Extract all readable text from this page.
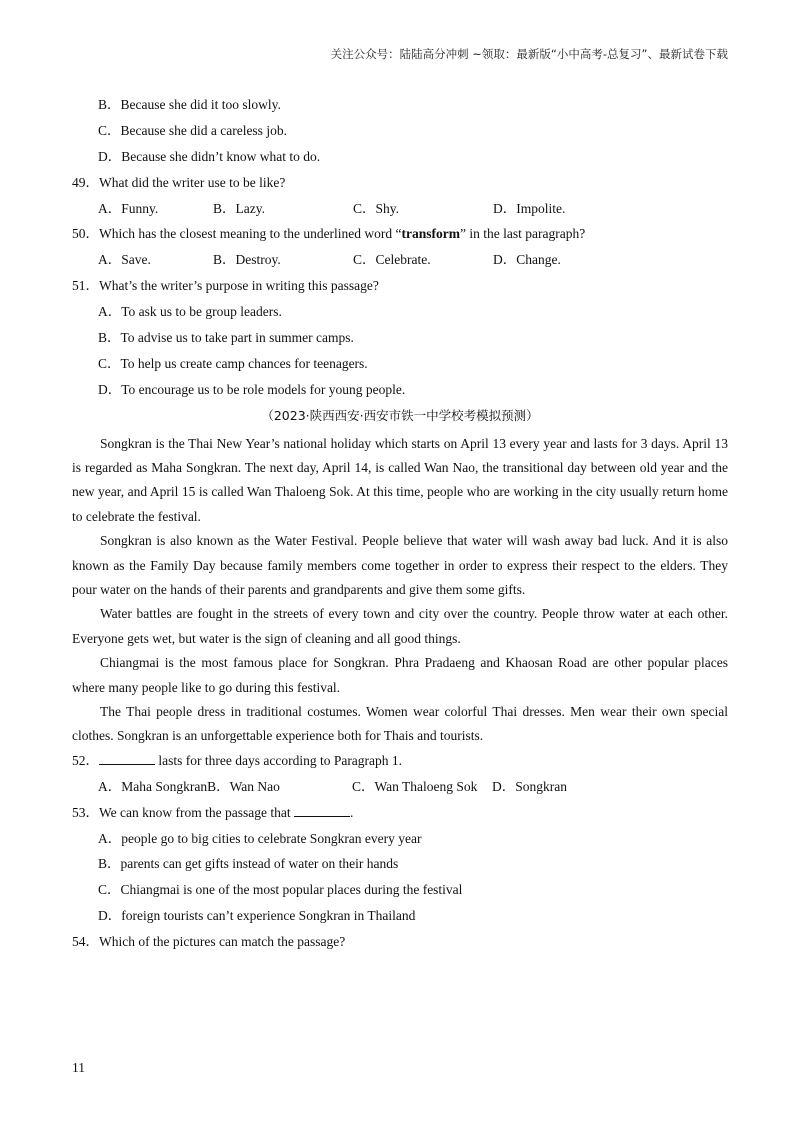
关注公众号：陆陆高分冲刺 ~领取：最新版“小中高考-总复习”、最新试卷下载
B．Because she did it too slowly.
C．Because she did a careless job.
D．Because she didn’t know what to do.
49．What did the writer use to be like?
A．Funny.	B．Lazy.	C．Shy.	D．Impolite.
50．Which has the closest meaning to the underlined word “transform” in the last paragraph?
A．Save.	B．Destroy.	C．Celebrate.	D．Change.
51．What’s the writer’s purpose in writing this passage?
A．To ask us to be group leaders.
B．To advise us to take part in summer camps.
C．To help us create camp chances for teenagers.
D．To encourage us to be role models for young people.
（2023·陕西西安·西安市铁一中学校考模拟预测）

Songkran is the Thai New Year’s national holiday which starts on April 13 every year and lasts for 3 days. April 13 is regarded as Maha Songkran. The next day, April 14, is called Wan Nao, the transitional day between old year and the new year, and April 15 is called Wan Thaloeng Sok. At this time, people who are working in the city usually return home to celebrate the festival.

Songkran is also known as the Water Festival. People believe that water will wash away bad luck. And it is also known as the Family Day because family members come together in order to express their respect to the elders. They pour water on the hands of their parents and grandparents and give them some gifts.

Water battles are fought in the streets of every town and city over the country. People throw water at each other. Everyone gets wet, but water is the sign of cleaning and all good things.

Chiangmai is the most famous place for Songkran. Phra Pradaeng and Khaosan Road are other popular places where many people like to go during this festival.

The Thai people dress in traditional costumes. Women wear colorful Thai dresses. Men wear their own special clothes. Songkran is an unforgettable experience both for Thais and tourists.

52．	lasts for three days according to Paragraph 1.
A．Maha SongkranB．Wan Nao	C．Wan Thaloeng Sok	D．Songkran
53．We can know from the passage that	.
A．people go to big cities to celebrate Songkran every year
B．parents can get gifts instead of water on their hands
C．Chiangmai is one of the most popular places during the festival
D．foreign tourists can’t experience Songkran in Thailand
54．Which of the pictures can match the passage?
11
